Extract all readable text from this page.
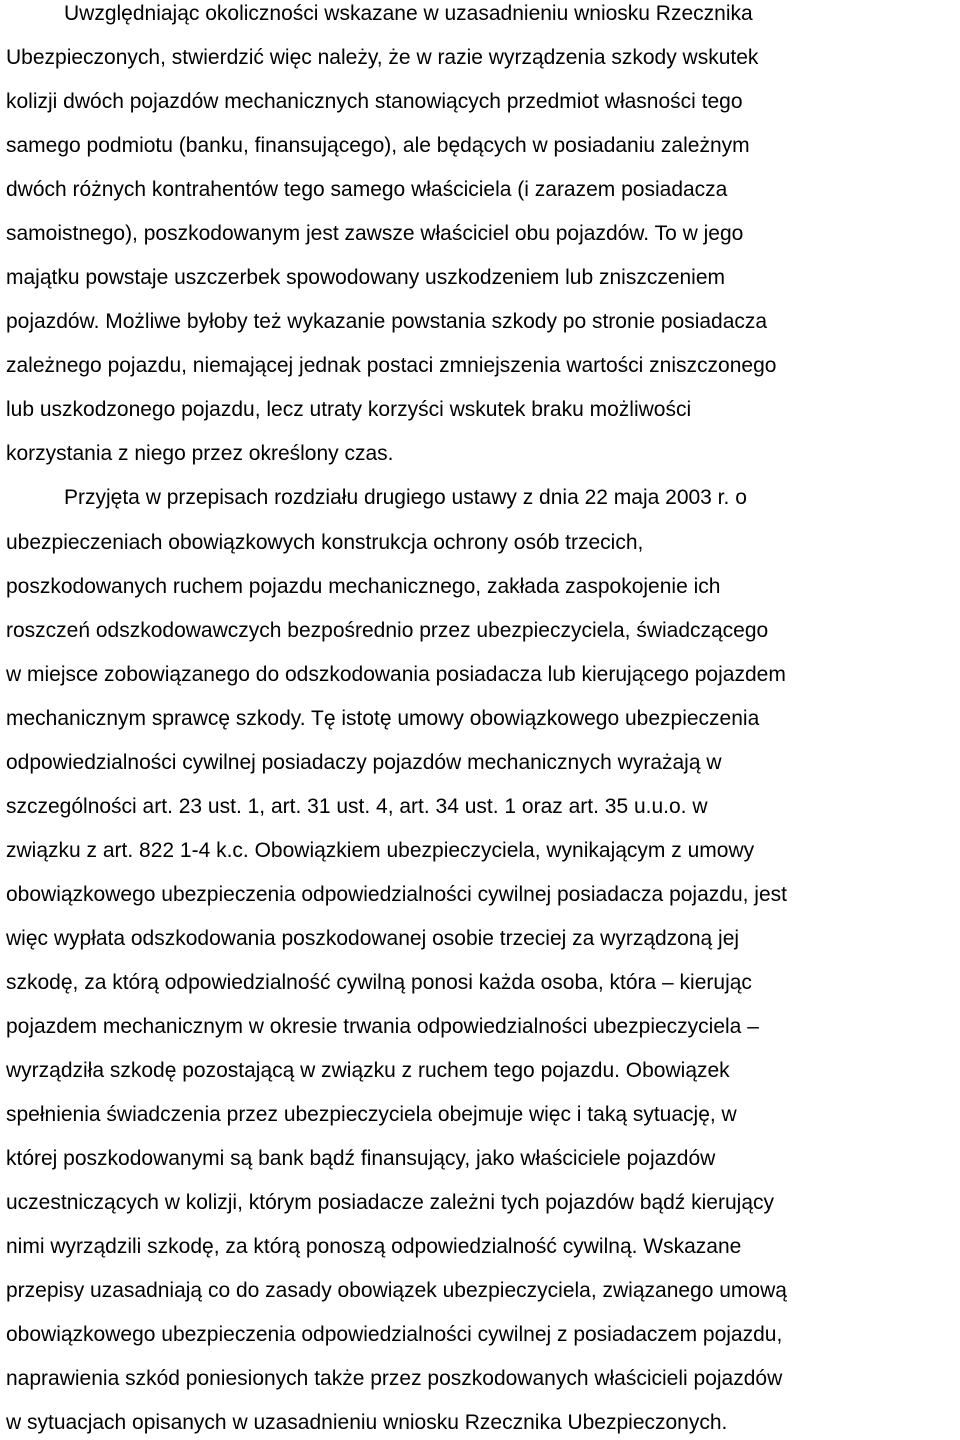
Uwzględniając okoliczności wskazane w uzasadnieniu wniosku Rzecznika
Ubezpieczonych, stwierdzić więc należy, że w razie wyrządzenia szkody wskutek
kolizji dwóch pojazdów mechanicznych stanowiących przedmiot własności tego
samego podmiotu (banku, finansującego), ale będących w posiadaniu zależnym
dwóch różnych kontrahentów tego samego właściciela (i zarazem posiadacza
samoistnego), poszkodowanym jest zawsze właściciel obu pojazdów. To w jego
majątku powstaje uszczerbek spowodowany uszkodzeniem lub zniszczeniem
pojazdów. Możliwe byłoby też wykazanie powstania szkody po stronie posiadacza
zależnego pojazdu, niemającej jednak postaci zmniejszenia wartości zniszczonego
lub uszkodzonego pojazdu, lecz utraty korzyści wskutek braku możliwości
korzystania z niego przez określony czas.
Przyjęta w przepisach rozdziału drugiego ustawy z dnia 22 maja 2003 r. o
ubezpieczeniach obowiązkowych konstrukcja ochrony osób trzecich,
poszkodowanych ruchem pojazdu mechanicznego, zakłada zaspokojenie ich
roszczeń odszkodowawczych bezpośrednio przez ubezpieczyciela, świadczącego
w miejsce zobowiązanego do odszkodowania posiadacza lub kierującego pojazdem
mechanicznym sprawcę szkody. Tę istotę umowy obowiązkowego ubezpieczenia
odpowiedzialności cywilnej posiadaczy pojazdów mechanicznych wyrażają w
szczególności art. 23 ust. 1, art. 31 ust. 4, art. 34 ust. 1 oraz art. 35 u.u.o. w
związku z art. 822 1-4 k.c. Obowiązkiem ubezpieczyciela, wynikającym z umowy
obowiązkowego ubezpieczenia odpowiedzialności cywilnej posiadacza pojazdu, jest
więc wypłata odszkodowania poszkodowanej osobie trzeciej za wyrządzoną jej
szkodę, za którą odpowiedzialność cywilną ponosi każda osoba, która – kierując
pojazdem mechanicznym w okresie trwania odpowiedzialności ubezpieczyciela –
wyrządziła szkodę pozostającą w związku z ruchem tego pojazdu. Obowiązek
spełnienia świadczenia przez ubezpieczyciela obejmuje więc i taką sytuację, w
której poszkodowanymi są bank bądź finansujący, jako właściciele pojazdów
uczestniczących w kolizji, którym posiadacze zależni tych pojazdów bądź kierujący
nimi wyrządzili szkodę, za którą ponoszą odpowiedzialność cywilną. Wskazane
przepisy uzasadniają co do zasady obowiązek ubezpieczyciela, związanego umową
obowiązkowego ubezpieczenia odpowiedzialności cywilnej z posiadaczem pojazdu,
naprawienia szkód poniesionych także przez poszkodowanych właścicieli pojazdów
w sytuacjach opisanych w uzasadnieniu wniosku Rzecznika Ubezpieczonych.
